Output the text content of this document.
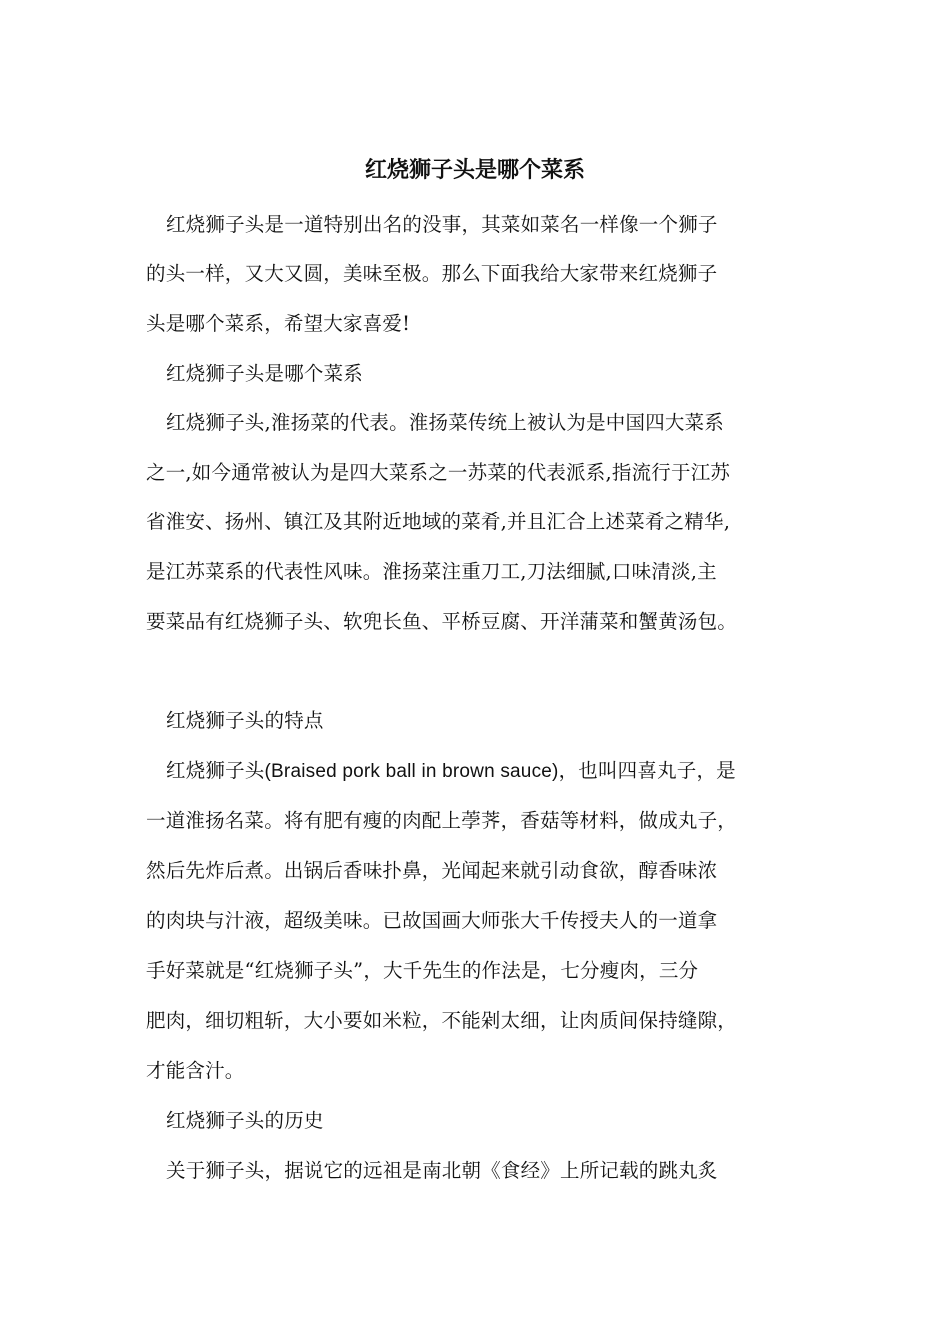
红烧狮子头是哪个菜系
红烧狮子头是一道特别出名的没事，其菜如菜名一样像一个狮子
的头一样，又大又圆，美味至极。那么下面我给大家带来红烧狮子
头是哪个菜系，希望大家喜爱!
红烧狮子头是哪个菜系
红烧狮子头,淮扬菜的代表。淮扬菜传统上被认为是中国四大菜系
之一,如今通常被认为是四大菜系之一苏菜的代表派系,指流行于江苏
省淮安、扬州、镇江及其附近地域的菜肴,并且汇合上述菜肴之精华,
是江苏菜系的代表性风味。淮扬菜注重刀工,刀法细腻,口味清淡,主
要菜品有红烧狮子头、软兜长鱼、平桥豆腐、开洋蒲菜和蟹黄汤包。
红烧狮子头的特点
红烧狮子头(Braised pork ball in brown sauce)，也叫四喜丸子，是
一道淮扬名菜。将有肥有瘦的肉配上荸荠，香菇等材料，做成丸子，
然后先炸后煮。出锅后香味扑鼻，光闻起来就引动食欲，醇香味浓
的肉块与汁液，超级美味。已故国画大师张大千传授夫人的一道拿
手好菜就是“红烧狮子头”，大千先生的作法是，七分瘦肉，三分
肥肉，细切粗斩，大小要如米粒，不能剁太细，让肉质间保持缝隙，
才能含汁。
红烧狮子头的历史
关于狮子头，据说它的远祖是南北朝《食经》上所记载的跳丸炙
